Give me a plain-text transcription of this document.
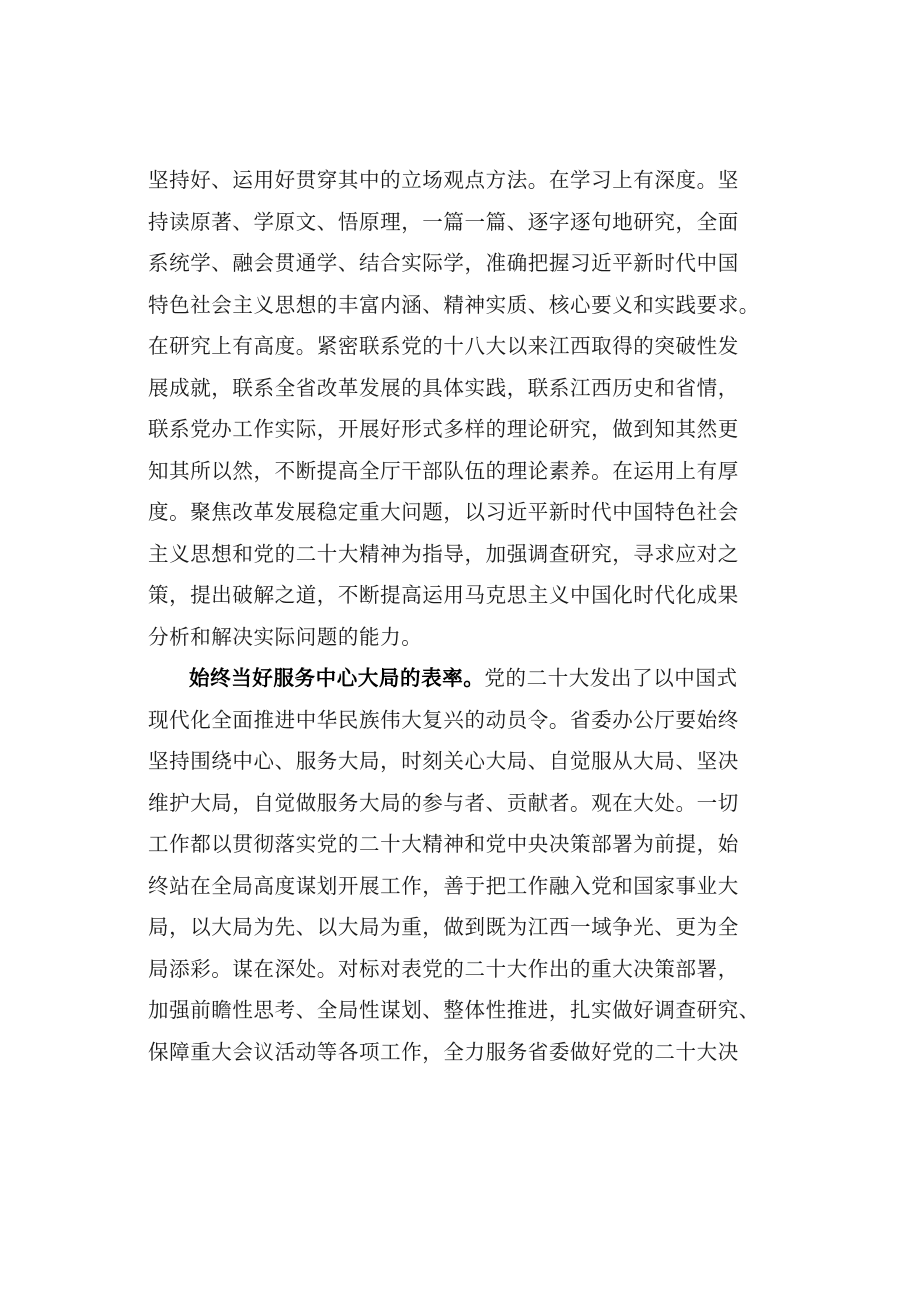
坚持好、运用好贯穿其中的立场观点方法。在学习上有深度。坚
持读原著、学原文、悟原理，一篇一篇、逐字逐句地研究，全面
系统学、融会贯通学、结合实际学，准确把握习近平新时代中国
特色社会主义思想的丰富内涵、精神实质、核心要义和实践要求。
在研究上有高度。紧密联系党的十八大以来江西取得的突破性发
展成就，联系全省改革发展的具体实践，联系江西历史和省情，
联系党办工作实际，开展好形式多样的理论研究，做到知其然更
知其所以然，不断提高全厅干部队伍的理论素养。在运用上有厚
度。聚焦改革发展稳定重大问题，以习近平新时代中国特色社会
主义思想和党的二十大精神为指导，加强调查研究，寻求应对之
策，提出破解之道，不断提高运用马克思主义中国化时代化成果
分析和解决实际问题的能力。
始终当好服务中心大局的表率。党的二十大发出了以中国式
现代化全面推进中华民族伟大复兴的动员令。省委办公厅要始终
坚持围绕中心、服务大局，时刻关心大局、自觉服从大局、坚决
维护大局，自觉做服务大局的参与者、贡献者。观在大处。一切
工作都以贯彻落实党的二十大精神和党中央决策部署为前提，始
终站在全局高度谋划开展工作，善于把工作融入党和国家事业大
局，以大局为先、以大局为重，做到既为江西一域争光、更为全
局添彩。谋在深处。对标对表党的二十大作出的重大决策部署，
加强前瞻性思考、全局性谋划、整体性推进，扎实做好调查研究、
保障重大会议活动等各项工作，全力服务省委做好党的二十大决
